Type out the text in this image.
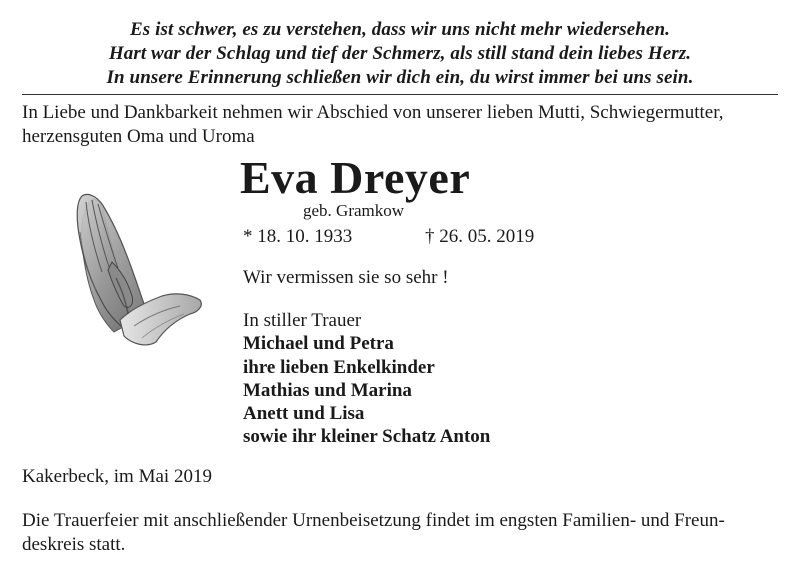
Es ist schwer, es zu verstehen, dass wir uns nicht mehr wiedersehen.
Hart war der Schlag und tief der Schmerz, als still stand dein liebes Herz.
In unsere Erinnerung schließen wir dich ein, du wirst immer bei uns sein.
In Liebe und Dankbarkeit nehmen wir Abschied von unserer lieben Mutti, Schwiegermutter,
herzensguten Oma und Uroma
Eva Dreyer
geb. Gramkow
* 18. 10. 1933	† 26. 05. 2019
Wir vermissen sie so sehr !
In stiller Trauer
Michael und Petra
ihre lieben Enkelkinder
Mathias und Marina
Anett und Lisa
sowie ihr kleiner Schatz Anton
Kakerbeck, im Mai 2019
Die Trauerfeier mit anschließender Urnenbeisetzung findet im engsten Familien- und Freun-
deskreis statt.
